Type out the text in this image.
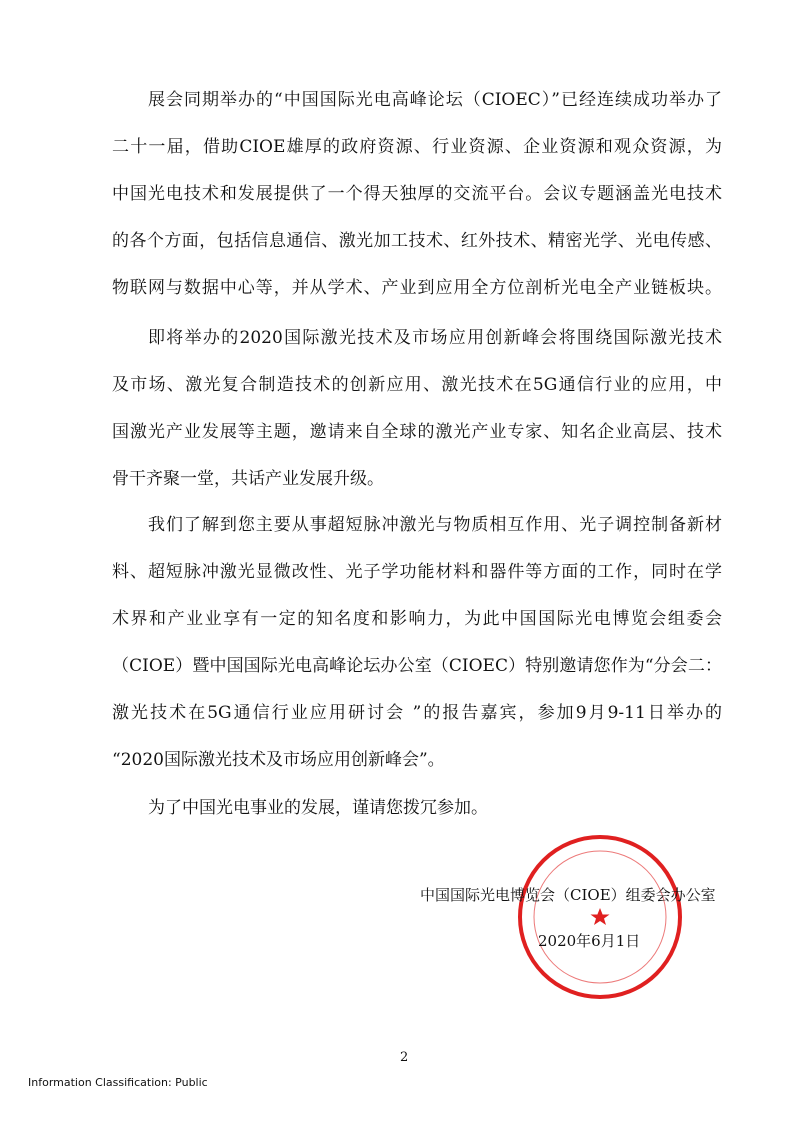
展会同期举办的“中国国际光电高峰论坛（CIOEC）”已经连续成功举办了
二十一届，借助CIOE雄厚的政府资源、行业资源、企业资源和观众资源，为
中国光电技术和发展提供了一个得天独厚的交流平台。会议专题涵盖光电技术
的各个方面，包括信息通信、激光加工技术、红外技术、精密光学、光电传感、
物联网与数据中心等，并从学术、产业到应用全方位剖析光电全产业链板块。
即将举办的2020国际激光技术及市场应用创新峰会将围绕国际激光技术
及市场、激光复合制造技术的创新应用、激光技术在5G通信行业的应用，中
国激光产业发展等主题，邀请来自全球的激光产业专家、知名企业高层、技术
骨干齐聚一堂，共话产业发展升级。
我们了解到您主要从事超短脉冲激光与物质相互作用、光子调控制备新材
料、超短脉冲激光显微改性、光子学功能材料和器件等方面的工作，同时在学
术界和产业业享有一定的知名度和影响力，为此中国国际光电博览会组委会
（CIOE）暨中国国际光电高峰论坛办公室（CIOEC）特别邀请您作为“分会二：
激光技术在5G通信行业应用研讨会 ”的报告嘉宾，参加9月9-11日举办的
“2020国际激光技术及市场应用创新峰会”。
为了中国光电事业的发展，谨请您拨冗参加。
中国国际光电博览会（CIOE）组委会办公室
2020年6月1日
2
Information Classification: Public
